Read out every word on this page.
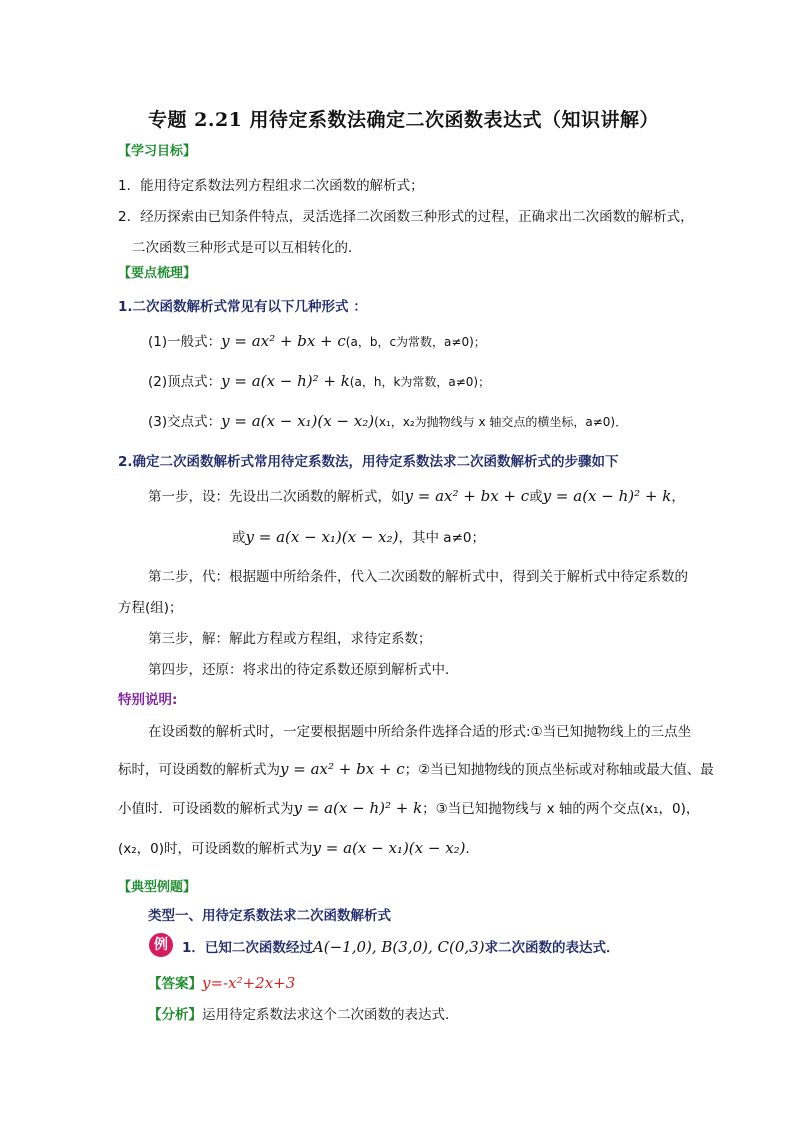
专题 2.21 用待定系数法确定二次函数表达式（知识讲解）
【学习目标】
1．能用待定系数法列方程组求二次函数的解析式；
2．经历探索由已知条件特点，灵活选择二次函数三种形式的过程，正确求出二次函数的解析式，
二次函数三种形式是可以互相转化的．
【要点梳理】
1.二次函数解析式常见有以下几种形式 ：
(1)一般式：y = ax² + bx + c(a，b，c为常数，a≠0)；
(2)顶点式：y = a(x − h)² + k(a，h，k为常数，a≠0)；
(3)交点式：y = a(x − x₁)(x − x₂)(x₁，x₂为抛物线与 x 轴交点的横坐标，a≠0)．
2.确定二次函数解析式常用待定系数法，用待定系数法求二次函数解析式的步骤如下
第一步，设：先设出二次函数的解析式，如y = ax² + bx + c或y = a(x − h)² + k，
或y = a(x − x₁)(x − x₂)，其中 a≠0；
第二步，代：根据题中所给条件，代入二次函数的解析式中，得到关于解析式中待定系数的
方程(组)；
第三步，解：解此方程或方程组，求待定系数；
第四步，还原：将求出的待定系数还原到解析式中．
特别说明:
在设函数的解析式时，一定要根据题中所给条件选择合适的形式:①当已知抛物线上的三点坐
标时，可设函数的解析式为y = ax² + bx + c；②当已知抛物线的顶点坐标或对称轴或最大值、最
小值时．可设函数的解析式为y = a(x − h)² + k；③当已知抛物线与 x 轴的两个交点(x₁，0)，
(x₂，0)时，可设函数的解析式为y = a(x − x₁)(x − x₂)．
【典型例题】
类型一、用待定系数法求二次函数解析式
例	1．已知二次函数经过A(−1,0), B(3,0), C(0,3)求二次函数的表达式．
【答案】y=-x²+2x+3
【分析】运用待定系数法求这个二次函数的表达式．
